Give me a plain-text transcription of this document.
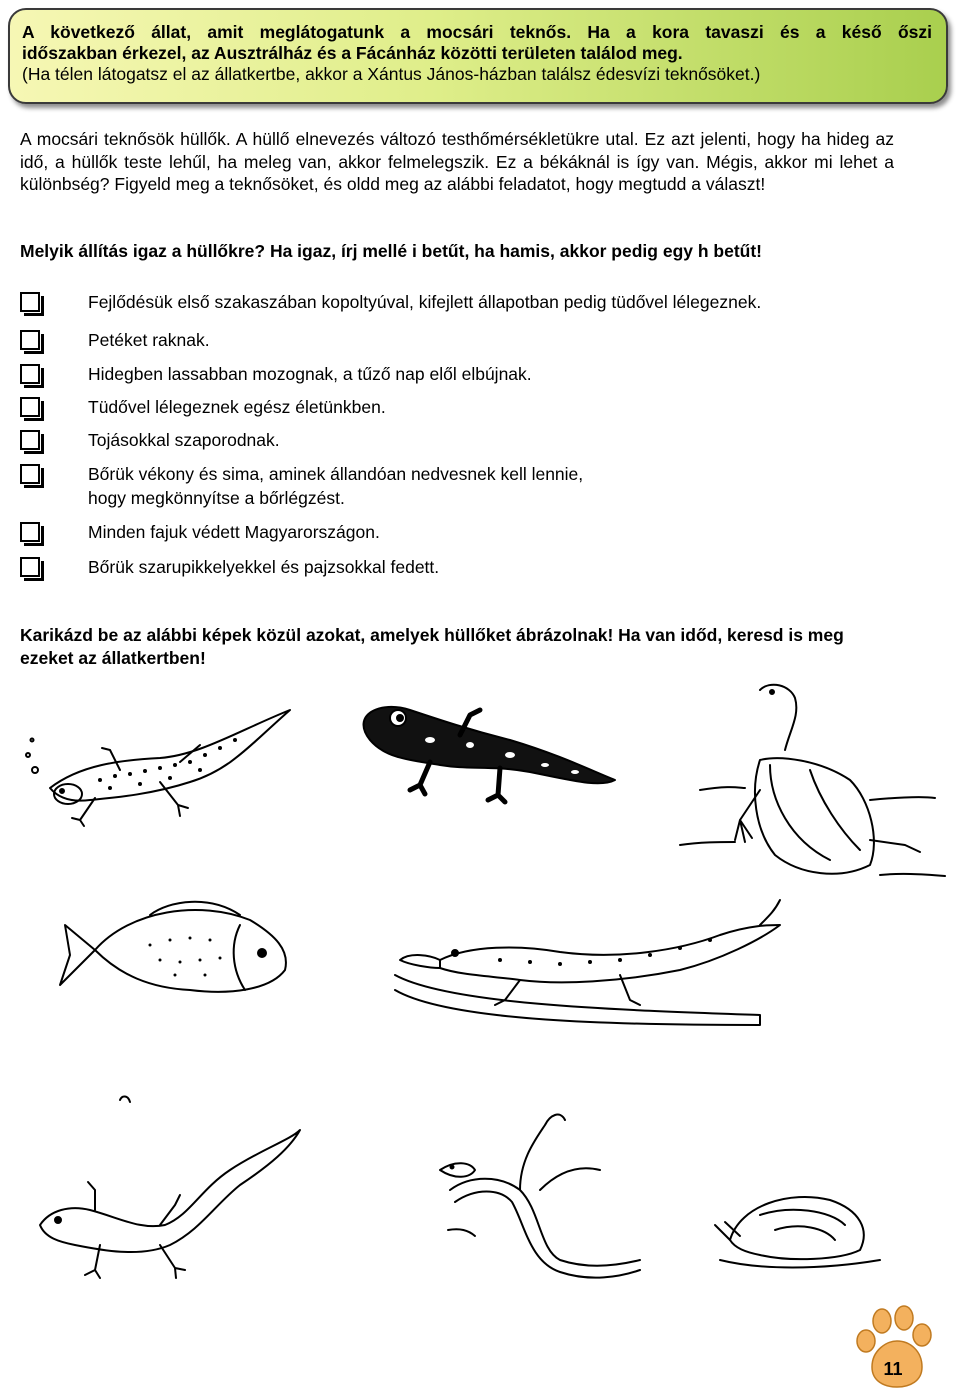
A következő állat, amit meglátogatunk a mocsári teknős. Ha a kora tavaszi és a késő őszi
időszakban érkezel, az Ausztrálház és a Fácánház közötti területen találod meg.
(Ha télen látogatsz el az állatkertbe, akkor a Xántus János-házban találsz édesvízi teknősöket.)

A mocsári teknősök hüllők. A hüllő elnevezés változó testhőmérsékletükre utal. Ez azt jelenti, hogy ha hideg az idő, a hüllők teste lehűl, ha meleg van, akkor felmelegszik. Ez a békáknál is így van. Mégis, akkor mi lehet a különbség? Figyeld meg a teknősöket, és oldd meg az alábbi feladatot, hogy megtudd a választ!

Melyik állítás igaz a hüllőkre? Ha igaz, írj mellé i betűt, ha hamis, akkor pedig egy h betűt!

Fejlődésük első szakaszában kopoltyúval, kifejlett állapotban pedig tüdővel lélegeznek.
Petéket raknak.
Hidegben lassabban mozognak, a tűző nap elől elbújnak.
Tüdővel lélegeznek egész életünkben.
Tojásokkal szaporodnak.
Bőrük vékony és sima, aminek állandóan nedvesnek kell lennie,
hogy megkönnyítse a bőrlégzést.
Minden fajuk védett Magyarországon.
Bőrük szarupikkelyekkel és pajzsokkal fedett.

Karikázd be az alábbi képek közül azokat, amelyek hüllőket ábrázolnak! Ha van időd, keresd is meg ezeket az állatkertben!

11
